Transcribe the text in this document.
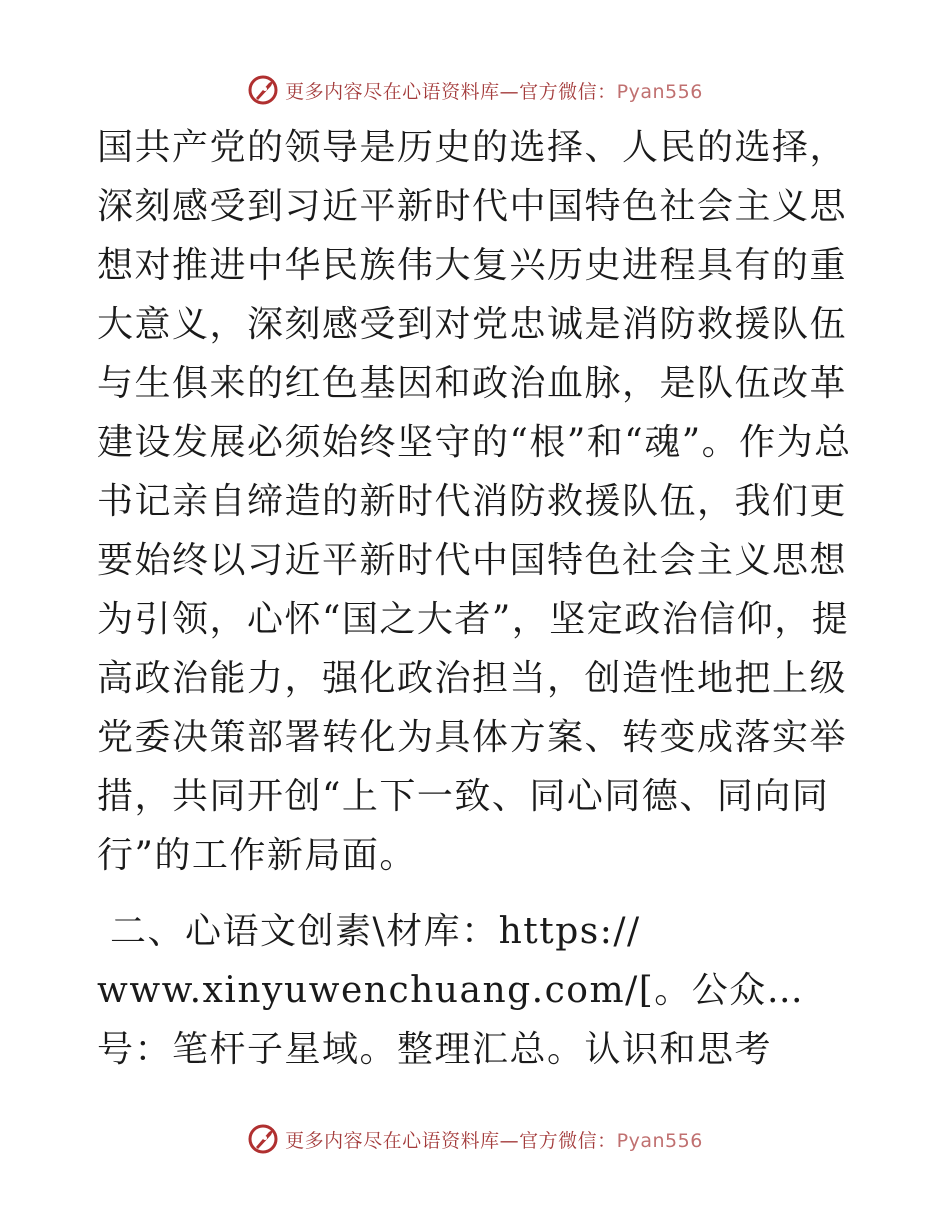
更多内容尽在心语资料库—官方微信：Pyan556

国共产党的领导是历史的选择、人民的选择，深刻感受到习近平新时代中国特色社会主义思想对推进中华民族伟大复兴历史进程具有的重大意义，深刻感受到对党忠诚是消防救援队伍与生俱来的红色基因和政治血脉，是队伍改革建设发展必须始终坚守的“根”和“魂”。作为总书记亲自缔造的新时代消防救援队伍，我们更要始终以习近平新时代中国特色社会主义思想为引领，心怀“国之大者”，坚定政治信仰，提高政治能力，强化政治担当，创造性地把上级党委决策部署转化为具体方案、转变成落实举措，共同开创“上下一致、同心同德、同向同行”的工作新局面。

二、心语文创素\材库：https://

www.xinyuwenchuang.com/[。公众…号：笔杆子星域。整理汇总。认识和思考

更多内容尽在心语资料库—官方微信：Pyan556
